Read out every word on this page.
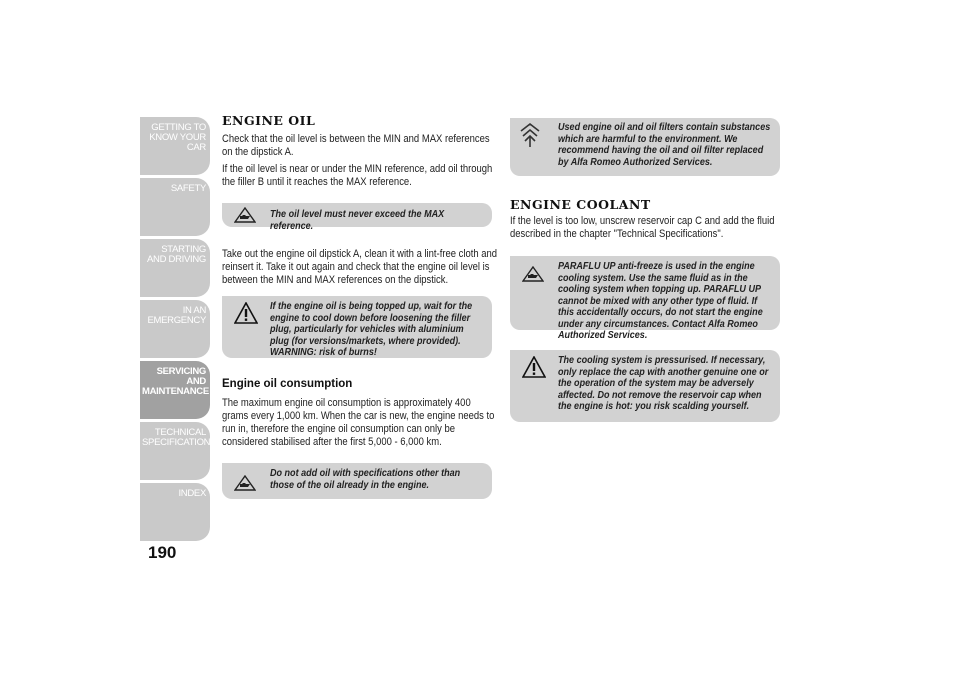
GETTING TO KNOW YOUR CAR
SAFETY
STARTING AND DRIVING
IN AN EMERGENCY
SERVICING AND MAINTENANCE
TECHNICAL SPECIFICATIONS
INDEX
190
ENGINE OIL
Check that the oil level is between the MIN and MAX references on the dipstick A.
If the oil level is near or under the MIN reference, add oil through the filler B until it reaches the MAX reference.
The oil level must never exceed the MAX reference.
Take out the engine oil dipstick A, clean it with a lint-free cloth and reinsert it. Take it out again and check that the engine oil level is between the MIN and MAX references on the dipstick.
If the engine oil is being topped up, wait for the engine to cool down before loosening the filler plug, particularly for vehicles with aluminium plug (for versions/markets, where provided). WARNING: risk of burns!
Engine oil consumption
The maximum engine oil consumption is approximately 400 grams every 1,000 km. When the car is new, the engine needs to run in, therefore the engine oil consumption can only be considered stabilised after the first 5,000 - 6,000 km.
Do not add oil with specifications other than those of the oil already in the engine.
Used engine oil and oil filters contain substances which are harmful to the environment. We recommend having the oil and oil filter replaced by Alfa Romeo Authorized Services.
ENGINE COOLANT
If the level is too low, unscrew reservoir cap C and add the fluid described in the chapter "Technical Specifications".
PARAFLU UP anti-freeze is used in the engine cooling system. Use the same fluid as in the cooling system when topping up. PARAFLU UP cannot be mixed with any other type of fluid. If this accidentally occurs, do not start the engine under any circumstances. Contact Alfa Romeo Authorized Services.
The cooling system is pressurised. If necessary, only replace the cap with another genuine one or the operation of the system may be adversely affected. Do not remove the reservoir cap when the engine is hot: you risk scalding yourself.
